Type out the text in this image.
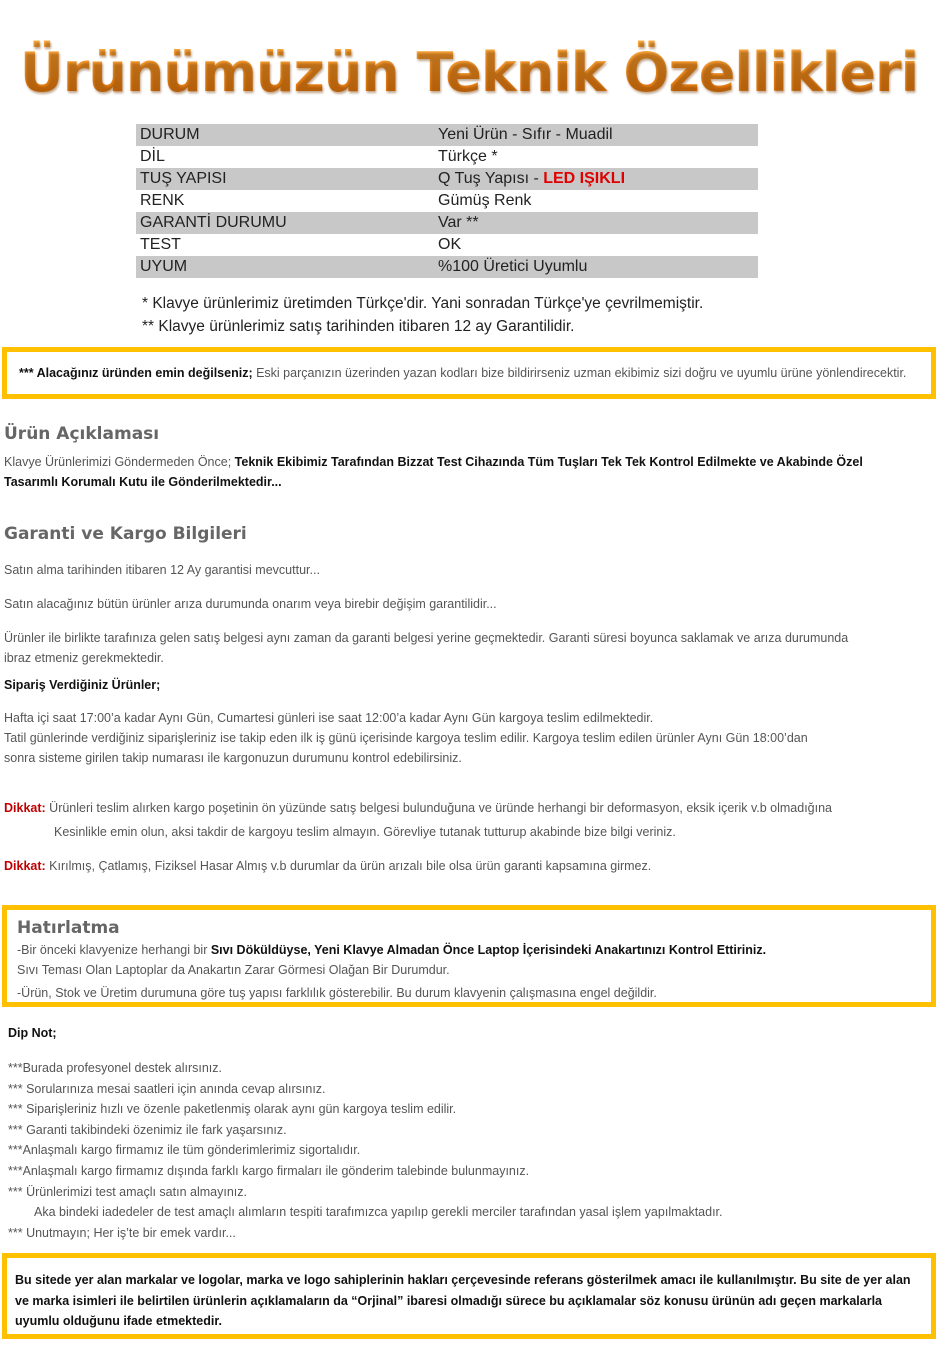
Ürünümüzün Teknik Özellikleri
DURUM	Yeni Ürün - Sıfır - Muadil
DİL	Türkçe *
TUŞ YAPISI	Q Tuş Yapısı - LED IŞIKLI
RENK	Gümüş Renk
GARANTİ DURUMU	Var **
TEST	OK
UYUM	%100 Üretici Uyumlu
* Klavye ürünlerimiz üretimden Türkçe'dir. Yani sonradan Türkçe'ye çevrilmemiştir.
** Klavye ürünlerimiz satış tarihinden itibaren 12 ay Garantilidir.
*** Alacağınız üründen emin değilseniz; Eski parçanızın üzerinden yazan kodları bize bildirirseniz uzman ekibimiz sizi doğru ve uyumlu ürüne yönlendirecektir.
Ürün Açıklaması
Klavye Ürünlerimizi Göndermeden Önce; Teknik Ekibimiz Tarafından Bizzat Test Cihazında Tüm Tuşları Tek Tek Kontrol Edilmekte ve Akabinde Özel
Tasarımlı Korumalı Kutu ile Gönderilmektedir...
Garanti ve Kargo Bilgileri
Satın alma tarihinden itibaren 12 Ay garantisi mevcuttur...
Satın alacağınız bütün ürünler arıza durumunda onarım veya birebir değişim garantilidir...
Ürünler ile birlikte tarafınıza gelen satış belgesi aynı zaman da garanti belgesi yerine geçmektedir. Garanti süresi boyunca saklamak ve arıza durumunda
ibraz etmeniz gerekmektedir.
Sipariş Verdiğiniz Ürünler;
Hafta içi saat 17:00’a kadar Aynı Gün, Cumartesi günleri ise saat 12:00’a kadar Aynı Gün kargoya teslim edilmektedir.
Tatil günlerinde verdiğiniz siparişleriniz ise takip eden ilk iş günü içerisinde kargoya teslim edilir. Kargoya teslim edilen ürünler Aynı Gün 18:00’dan
sonra sisteme girilen takip numarası ile kargonuzun durumunu kontrol edebilirsiniz.
Dikkat: Ürünleri teslim alırken kargo poşetinin ön yüzünde satış belgesi bulunduğuna ve üründe herhangi bir deformasyon, eksik içerik v.b olmadığına
Kesinlikle emin olun, aksi takdir de kargoyu teslim almayın. Görevliye tutanak tutturup akabinde bize bilgi veriniz.
Dikkat: Kırılmış, Çatlamış, Fiziksel Hasar Almış v.b durumlar da ürün arızalı bile olsa ürün garanti kapsamına girmez.
Hatırlatma
-Bir önceki klavyenize herhangi bir Sıvı Döküldüyse, Yeni Klavye Almadan Önce Laptop İçerisindeki Anakartınızı Kontrol Ettiriniz.
Sıvı Teması Olan Laptoplar da Anakartın Zarar Görmesi Olağan Bir Durumdur.
-Ürün, Stok ve Üretim durumuna göre tuş yapısı farklılık gösterebilir. Bu durum klavyenin çalışmasına engel değildir.
Dip Not;
***Burada profesyonel destek alırsınız.
*** Sorularınıza mesai saatleri için anında cevap alırsınız.
*** Siparişleriniz hızlı ve özenle paketlenmiş olarak aynı gün kargoya teslim edilir.
*** Garanti takibindeki özenimiz ile fark yaşarsınız.
***Anlaşmalı kargo firmamız ile tüm gönderimlerimiz sigortalıdır.
***Anlaşmalı kargo firmamız dışında farklı kargo firmaları ile gönderim talebinde bulunmayınız.
*** Ürünlerimizi test amaçlı satın almayınız.
Aka bindeki iadedeler de test amaçlı alımların tespiti tarafımızca yapılıp gerekli merciler tarafından yasal işlem yapılmaktadır.
*** Unutmayın; Her iş’te bir emek vardır...
Bu sitede yer alan markalar ve logolar, marka ve logo sahiplerinin hakları çerçevesinde referans gösterilmek amacı ile kullanılmıştır. Bu site de yer alan ve marka isimleri ile belirtilen ürünlerin açıklamaların da “Orjinal” ibaresi olmadığı sürece bu açıklamalar söz konusu ürünün adı geçen markalarla uyumlu olduğunu ifade etmektedir.
